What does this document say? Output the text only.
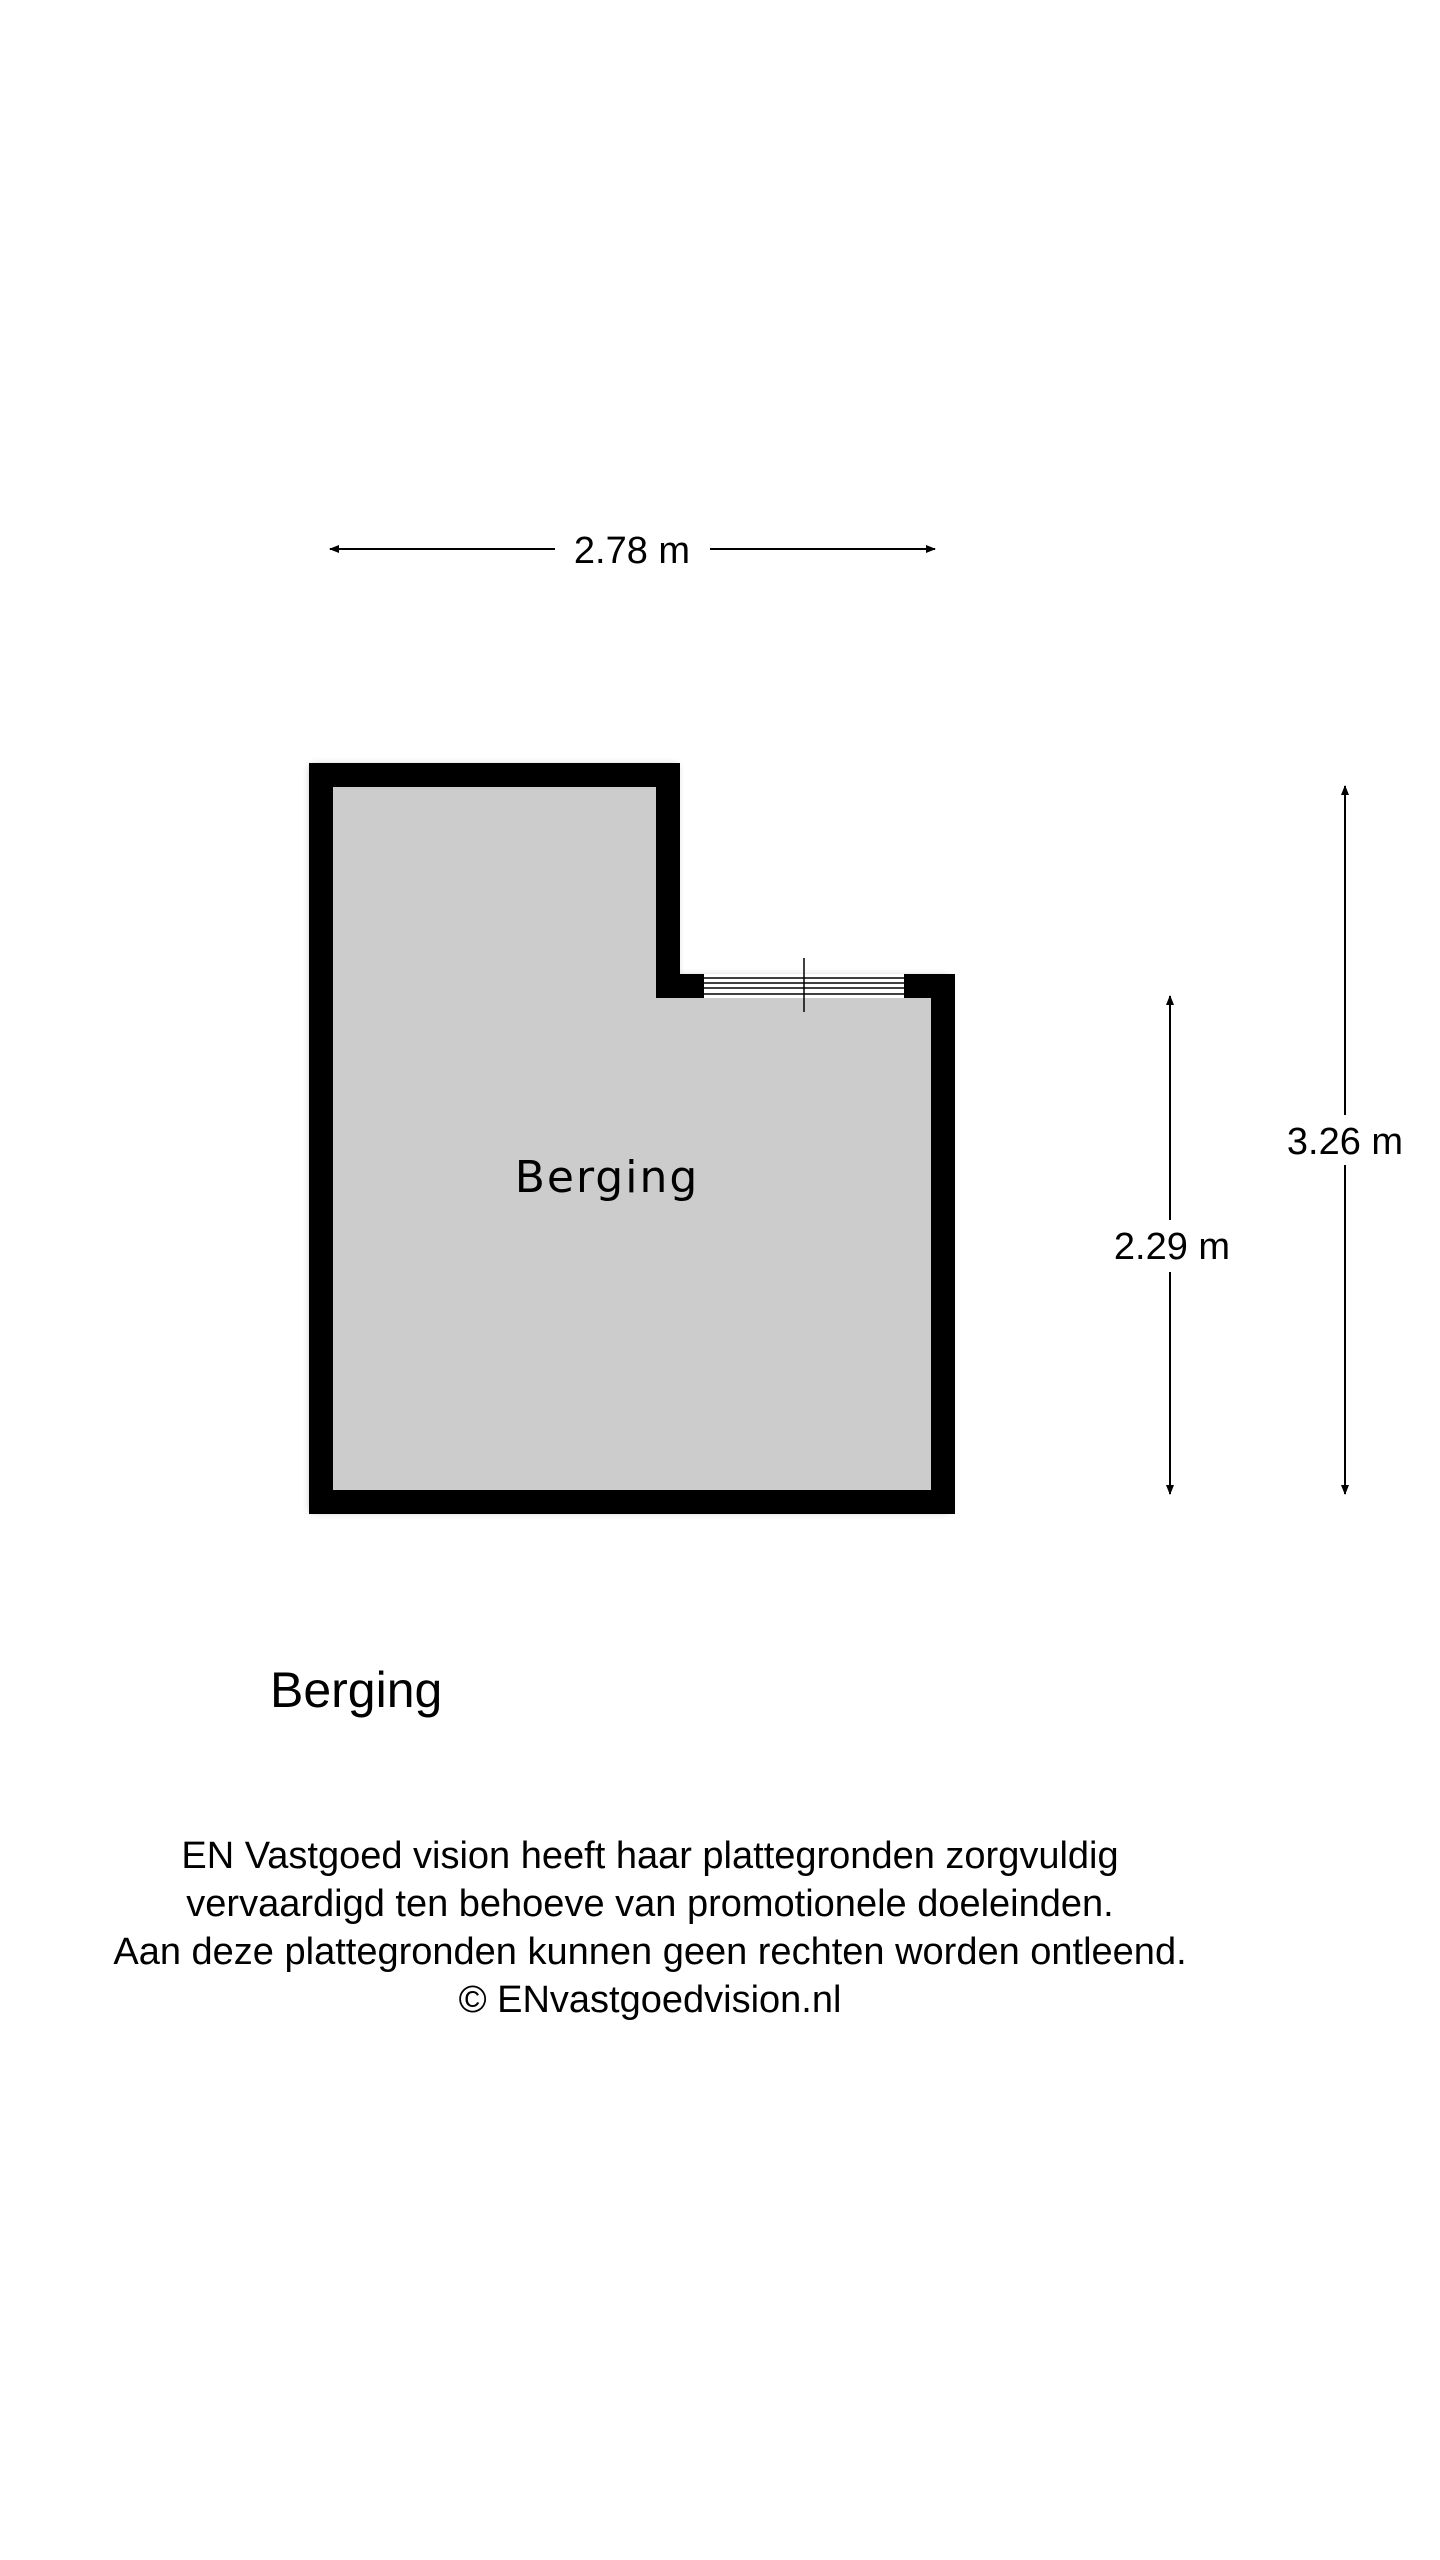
Berging
2.78 m
2.29 m
3.26 m
Berging
EN Vastgoed vision heeft haar plattegronden zorgvuldig
vervaardigd ten behoeve van promotionele doeleinden.
Aan deze plattegronden kunnen geen rechten worden ontleend.
© ENvastgoedvision.nl
